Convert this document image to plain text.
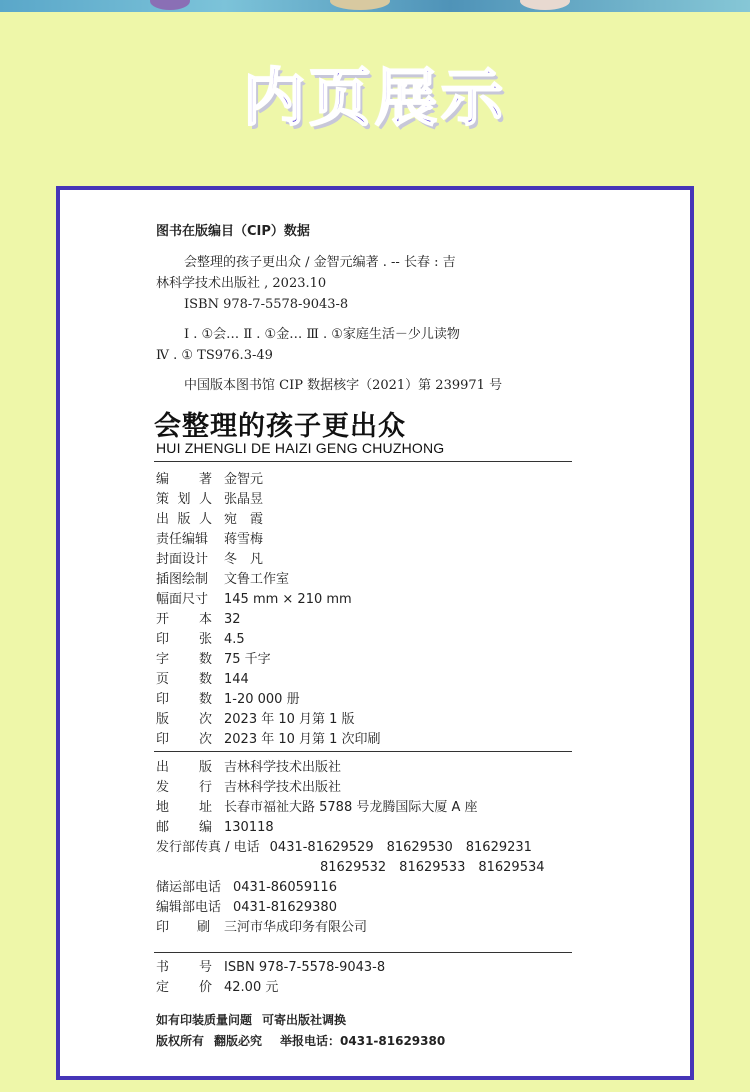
内页展示
图书在版编目（CIP）数据

会整理的孩子更出众 / 金智元编著 . -- 长春 : 吉

林科学技术出版社 , 2023.10

ISBN 978-7-5578-9043-8

Ⅰ . ①会… Ⅱ . ①金… Ⅲ . ①家庭生活－少儿读物

Ⅳ . ① TS976.3-49

中国版本图书馆 CIP 数据核字（2021）第 239971 号

会整理的孩子更出众
HUI ZHENGLI DE HAIZI GENG CHUZHONG
编 著 金智元
策 划 人 张晶昱
出 版 人 宛　霞
责任编辑	蒋雪梅
封面设计	冬　凡
插图绘制	文鲁工作室
幅面尺寸	145 mm × 210 mm
开 本 32
印 张 4.5
字 数 75 千字
页 数 144
印 数 1-20 000 册
版 次 2023 年 10 月第 1 版
印 次 2023 年 10 月第 1 次印刷
出 版 吉林科学技术出版社
发 行 吉林科学技术出版社
地 址 长春市福祉大路 5788 号龙腾国际大厦 A 座
邮 编 130118
发行部传真 / 电话 0431-81629529　81629530　81629231
81629532　81629533　81629534
储运部电话 0431-86059116
编辑部电话 0431-81629380
印 刷	三河市华成印务有限公司
书 号 ISBN 978-7-5578-9043-8
定 价 42.00 元
如有印装质量问题 可寄出版社调换
版权所有 翻版必究 举报电话：0431-81629380
